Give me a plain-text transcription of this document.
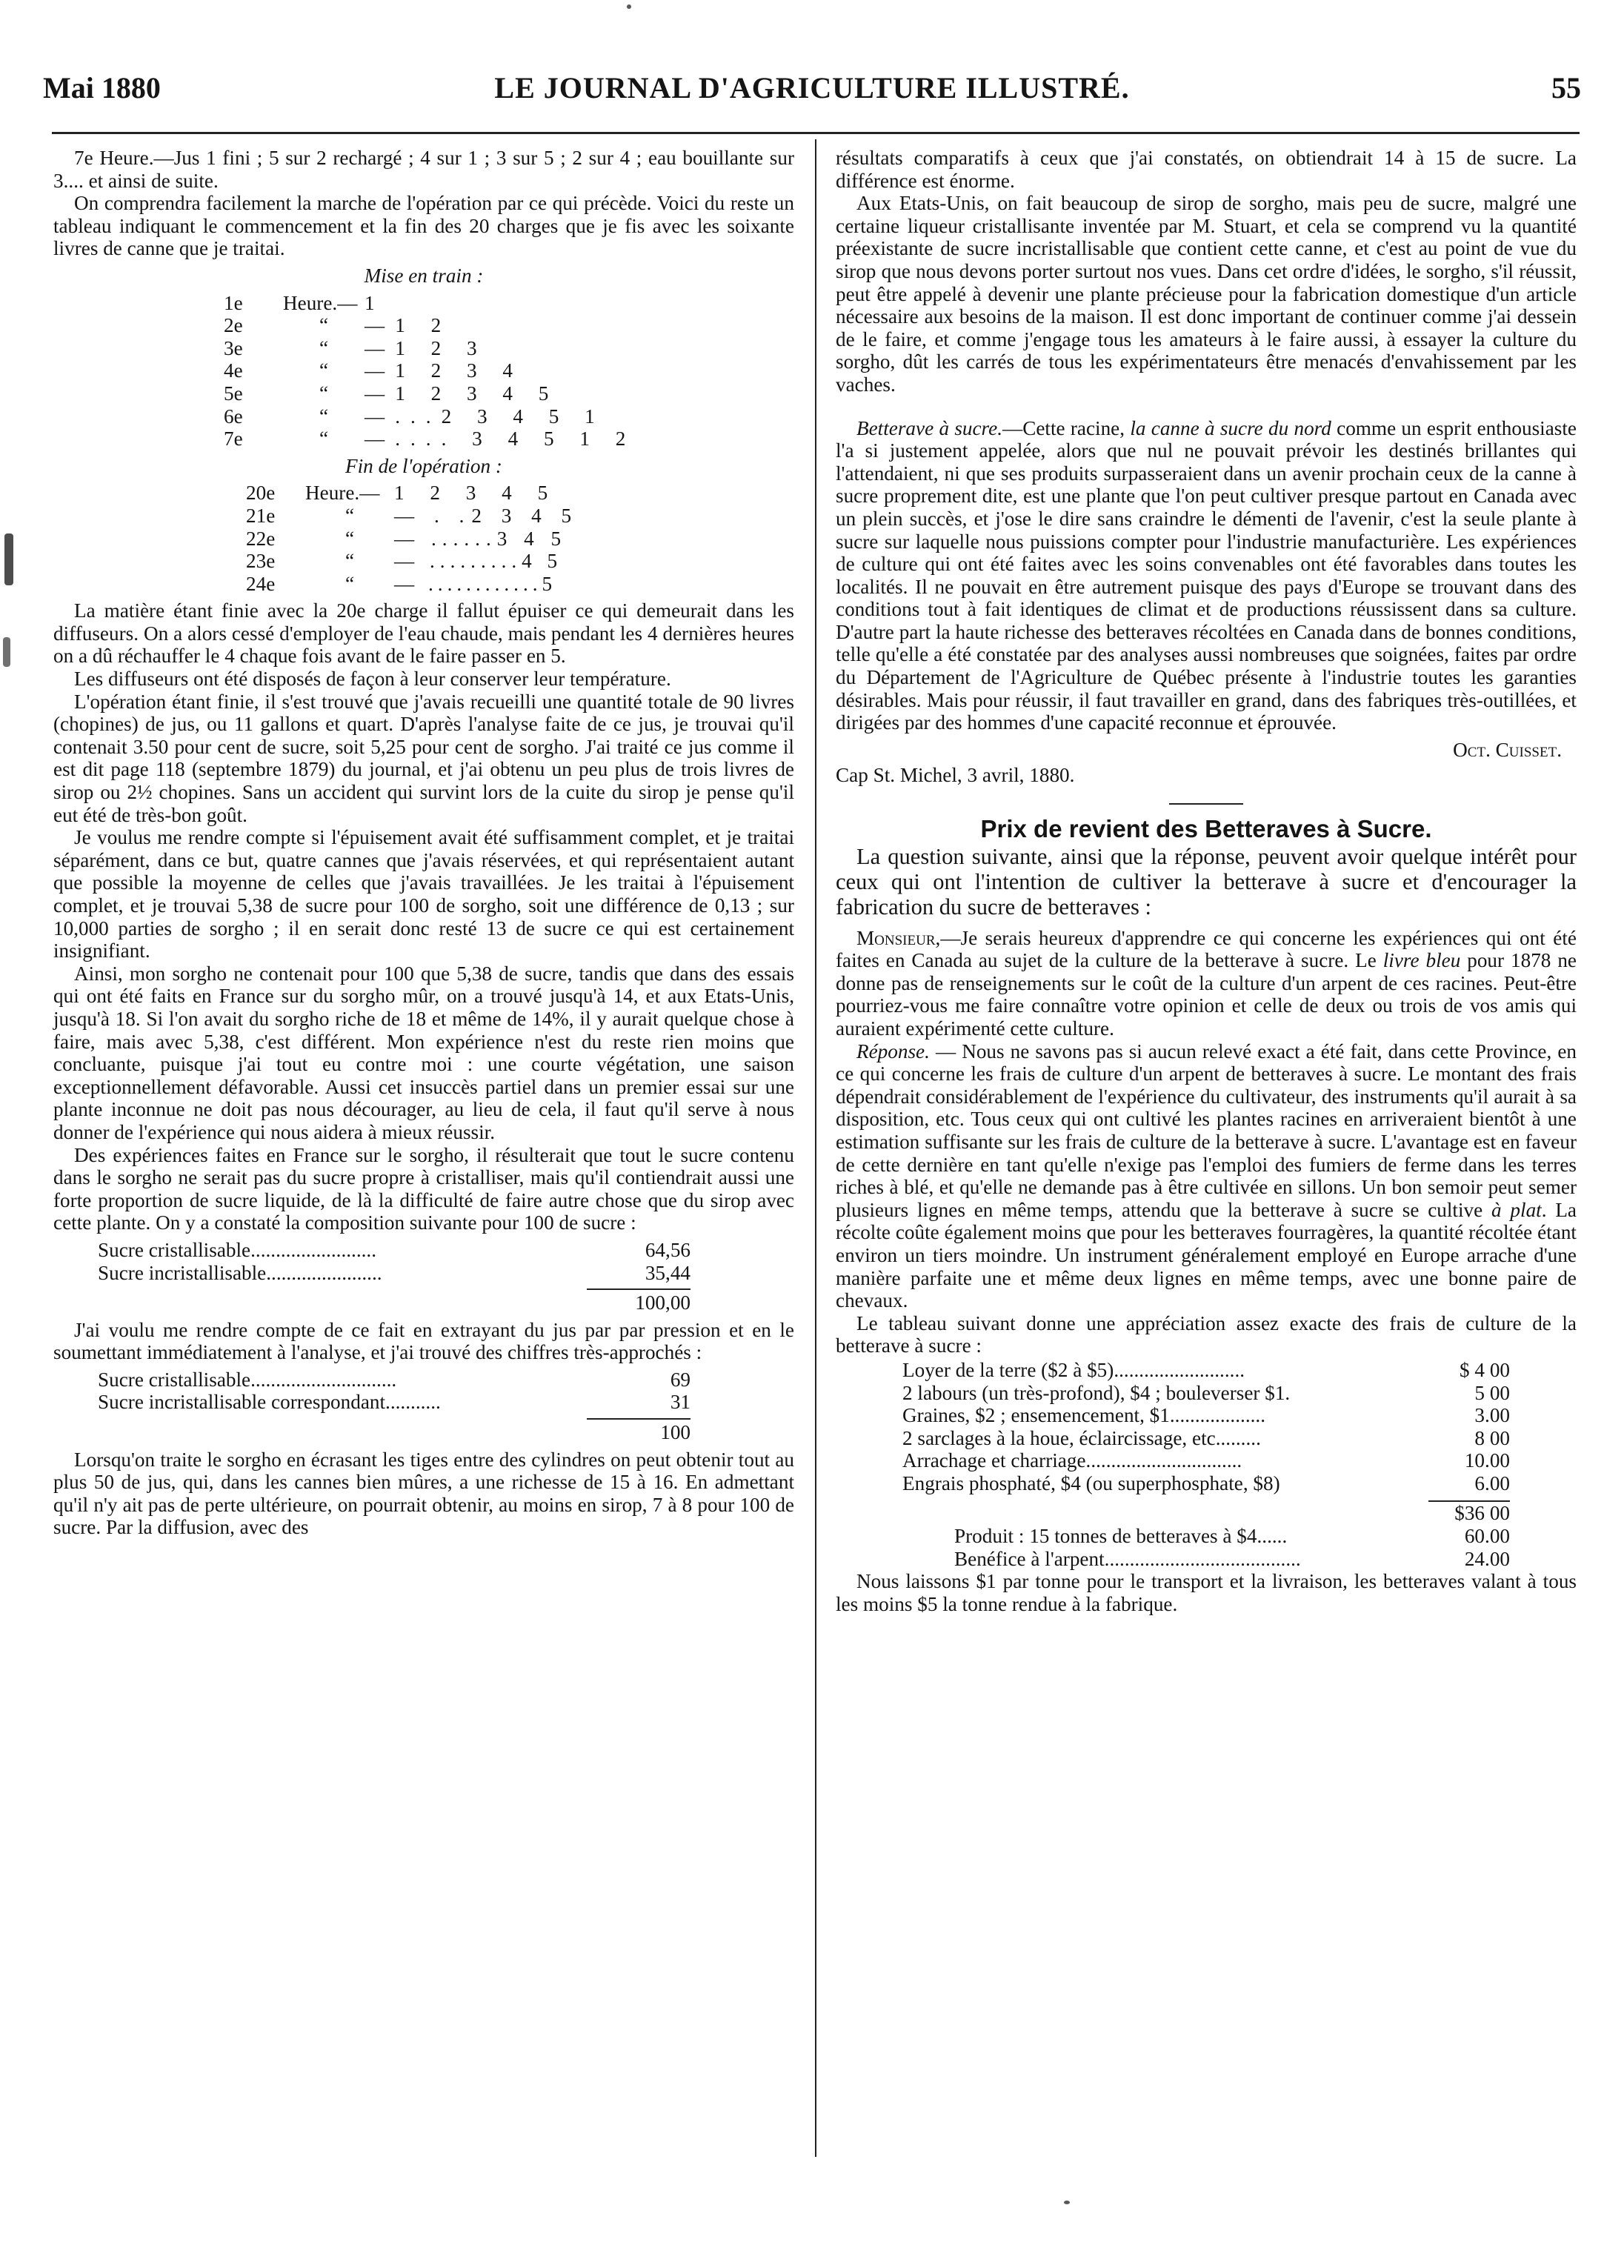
Mai 1880	LE JOURNAL D'AGRICULTURE ILLUSTRÉ.	55

7e Heure.—Jus 1 fini ; 5 sur 2 rechargé ; 4 sur 1 ; 3 sur 5 ; 2 sur 4 ; eau bouillante sur 3.... et ainsi de suite.

On comprendra facilement la marche de l'opération par ce qui précède. Voici du reste un tableau indiquant le commencement et la fin des 20 charges que je fis avec les soixante livres de canne que je traitai.

Mise en train :
1e	Heure.— 1
2e	“	—1 2
3e	“	—1 2 3
4e	“	—1 2 3 4
5e	“	—1 2 3 4 5
6e	“	—...2 3 4 5 1
7e	“	—.... 3 4 5 1 2
Fin de l'opération :
20e	Heure.— 1 2 3 4 5
21e	“	— . .2 3 4 5
22e	“	— ......3 4 5
23e	“	— .........4 5
24e	“	— ............5

La matière étant finie avec la 20e charge il fallut épuiser ce qui demeurait dans les diffuseurs. On a alors cessé d'employer de l'eau chaude, mais pendant les 4 dernières heures on a dû réchauffer le 4 chaque fois avant de le faire passer en 5.

Les diffuseurs ont été disposés de façon à leur conserver leur température.

L'opération étant finie, il s'est trouvé que j'avais recueilli une quantité totale de 90 livres (chopines) de jus, ou 11 gallons et quart. D'après l'analyse faite de ce jus, je trouvai qu'il contenait 3.50 pour cent de sucre, soit 5,25 pour cent de sorgho. J'ai traité ce jus comme il est dit page 118 (septembre 1879) du journal, et j'ai obtenu un peu plus de trois livres de sirop ou 2½ chopines. Sans un accident qui survint lors de la cuite du sirop je pense qu'il eut été de très-bon goût.

Je voulus me rendre compte si l'épuisement avait été suffisamment complet, et je traitai séparément, dans ce but, quatre cannes que j'avais réservées, et qui représentaient autant que possible la moyenne de celles que j'avais travaillées. Je les traitai à l'épuisement complet, et je trouvai 5,38 de sucre pour 100 de sorgho, soit une différence de 0,13 ; sur 10,000 parties de sorgho ; il en serait donc resté 13 de sucre ce qui est certainement insignifiant.

Ainsi, mon sorgho ne contenait pour 100 que 5,38 de sucre, tandis que dans des essais qui ont été faits en France sur du sorgho mûr, on a trouvé jusqu'à 14, et aux Etats-Unis, jusqu'à 18. Si l'on avait du sorgho riche de 18 et même de 14%, il y aurait quelque chose à faire, mais avec 5,38, c'est différent. Mon expérience n'est du reste rien moins que concluante, puisque j'ai tout eu contre moi : une courte végétation, une saison exceptionnellement défavorable. Aussi cet insuccès partiel dans un premier essai sur une plante inconnue ne doit pas nous décourager, au lieu de cela, il faut qu'il serve à nous donner de l'expérience qui nous aidera à mieux réussir.

Des expériences faites en France sur le sorgho, il résulterait que tout le sucre contenu dans le sorgho ne serait pas du sucre propre à cristalliser, mais qu'il contiendrait aussi une forte proportion de sucre liquide, de là la difficulté de faire autre chose que du sirop avec cette plante. On y a constaté la composition suivante pour 100 de sucre :

Sucre cristallisable.........................	64,56
Sucre incristallisable.......................	35,44
100,00

J'ai voulu me rendre compte de ce fait en extrayant du jus par par pression et en le soumettant immédiatement à l'analyse, et j'ai trouvé des chiffres très-approchés :

Sucre cristallisable.............................	69
Sucre incristallisable correspondant...........	31
100

Lorsqu'on traite le sorgho en écrasant les tiges entre des cylindres on peut obtenir tout au plus 50 de jus, qui, dans les cannes bien mûres, a une richesse de 15 à 16. En admettant qu'il n'y ait pas de perte ultérieure, on pourrait obtenir, au moins en sirop, 7 à 8 pour 100 de sucre. Par la diffusion, avec des

résultats comparatifs à ceux que j'ai constatés, on obtiendrait 14 à 15 de sucre. La différence est énorme.

Aux Etats-Unis, on fait beaucoup de sirop de sorgho, mais peu de sucre, malgré une certaine liqueur cristallisante inventée par M. Stuart, et cela se comprend vu la quantité préexistante de sucre incristallisable que contient cette canne, et c'est au point de vue du sirop que nous devons porter surtout nos vues. Dans cet ordre d'idées, le sorgho, s'il réussit, peut être appelé à devenir une plante précieuse pour la fabrication domestique d'un article nécessaire aux besoins de la maison. Il est donc important de continuer comme j'ai dessein de le faire, et comme j'engage tous les amateurs à le faire aussi, à essayer la culture du sorgho, dût les carrés de tous les expérimentateurs être menacés d'envahissement par les vaches.

Betterave à sucre.—Cette racine, la canne à sucre du nord comme un esprit enthousiaste l'a si justement appelée, alors que nul ne pouvait prévoir les destinés brillantes qui l'attendaient, ni que ses produits surpasseraient dans un avenir prochain ceux de la canne à sucre proprement dite, est une plante que l'on peut cultiver presque partout en Canada avec un plein succès, et j'ose le dire sans craindre le démenti de l'avenir, c'est la seule plante à sucre sur laquelle nous puissions compter pour l'industrie manufacturière. Les expériences de culture qui ont été faites avec les soins convenables ont été favorables dans toutes les localités. Il ne pouvait en être autrement puisque des pays d'Europe se trouvant dans des conditions tout à fait identiques de climat et de productions réussissent dans sa culture. D'autre part la haute richesse des betteraves récoltées en Canada dans de bonnes conditions, telle qu'elle a été constatée par des analyses aussi nombreuses que soignées, faites par ordre du Département de l'Agriculture de Québec présente à l'industrie toutes les garanties désirables. Mais pour réussir, il faut travailler en grand, dans des fabriques très-outillées, et dirigées par des hommes d'une capacité reconnue et éprouvée.

Oct. Cuisset.
Cap St. Michel, 3 avril, 1880.
Prix de revient des Betteraves à Sucre.

La question suivante, ainsi que la réponse, peuvent avoir quelque intérêt pour ceux qui ont l'intention de cultiver la betterave à sucre et d'encourager la fabrication du sucre de betteraves :

Monsieur,—Je serais heureux d'apprendre ce qui concerne les expériences qui ont été faites en Canada au sujet de la culture de la betterave à sucre. Le livre bleu pour 1878 ne donne pas de renseignements sur le coût de la culture d'un arpent de ces racines. Peut-être pourriez-vous me faire connaître votre opinion et celle de deux ou trois de vos amis qui auraient expérimenté cette culture.

Réponse. — Nous ne savons pas si aucun relevé exact a été fait, dans cette Province, en ce qui concerne les frais de culture d'un arpent de betteraves à sucre. Le montant des frais dépendrait considérablement de l'expérience du cultivateur, des instruments qu'il aurait à sa disposition, etc. Tous ceux qui ont cultivé les plantes racines en arriveraient bientôt à une estimation suffisante sur les frais de culture de la betterave à sucre. L'avantage est en faveur de cette dernière en tant qu'elle n'exige pas l'emploi des fumiers de ferme dans les terres riches à blé, et qu'elle ne demande pas à être cultivée en sillons. Un bon semoir peut semer plusieurs lignes en même temps, attendu que la betterave à sucre se cultive à plat. La récolte coûte également moins que pour les betteraves fourragères, la quantité récoltée étant environ un tiers moindre. Un instrument généralement employé en Europe arrache d'une manière parfaite une et même deux lignes en même temps, avec une bonne paire de chevaux.

Le tableau suivant donne une appréciation assez exacte des frais de culture de la betterave à sucre :

Loyer de la terre ($2 à $5)..........................	$ 4 00
2 labours (un très-profond), $4 ; bouleverser $1.	5 00
Graines, $2 ; ensemencement, $1...................	3.00
2 sarclages à la houe, éclaircissage, etc.........	8 00
Arrachage et charriage...............................	10.00
Engrais phosphaté, $4 (ou superphosphate, $8)	6.00
$36 00
Produit : 15 tonnes de betteraves à $4......	60.00
Benéfice à l'arpent.......................................	24.00

Nous laissons $1 par tonne pour le transport et la livraison, les betteraves valant à tous les moins $5 la tonne rendue à la fabrique.
